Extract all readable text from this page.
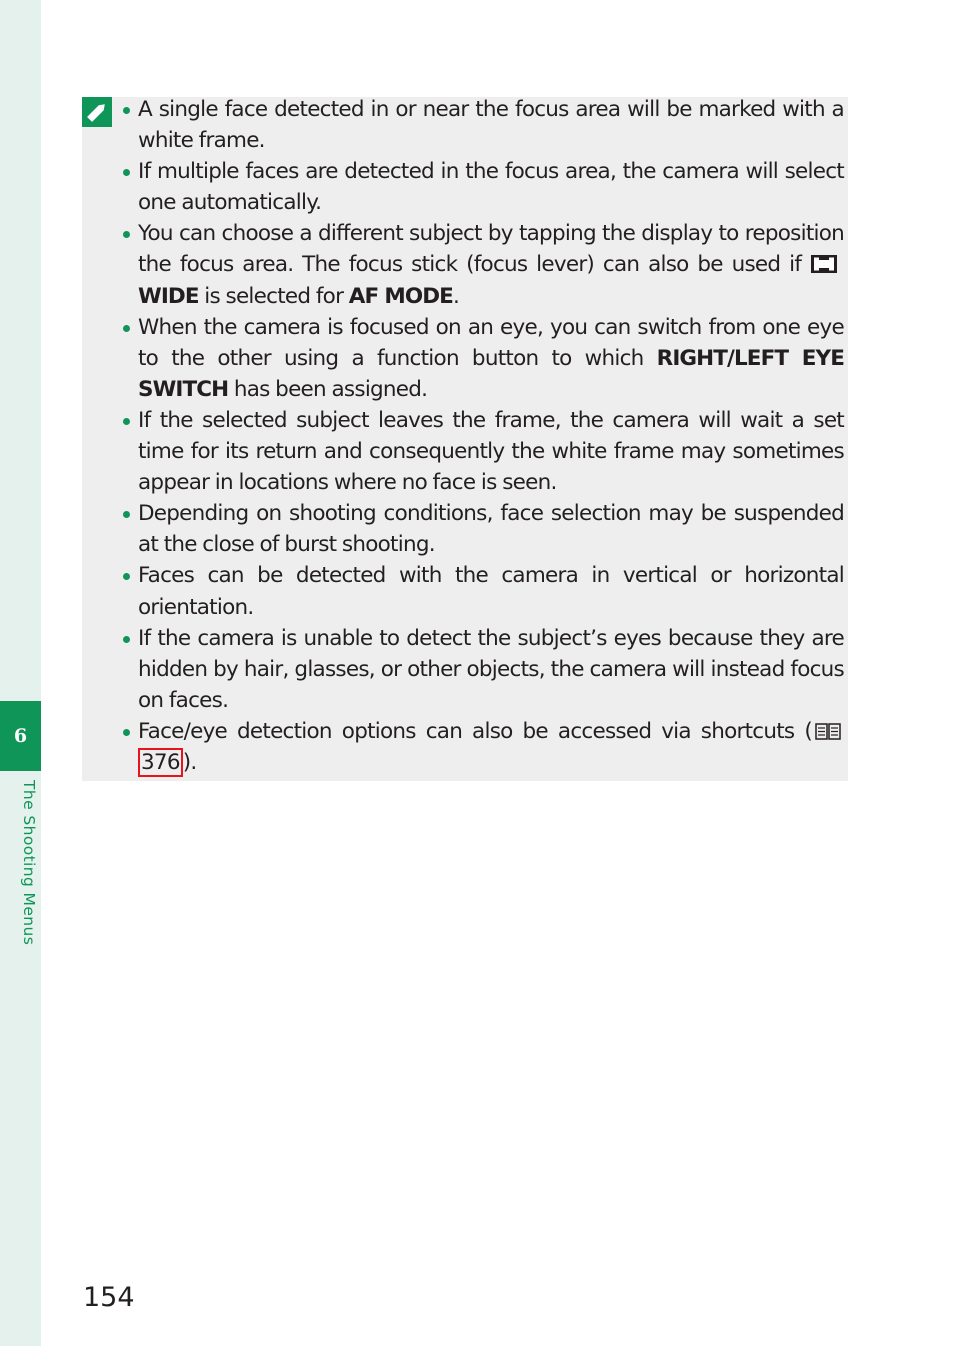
6
The Shooting Menus
A single face detected in or near the focus area will be marked with a white frame.
If multiple faces are detected in the focus area, the camera will select one automatically.
You can choose a different subject by tapping the display to reposition the focus area. The focus stick (focus lever) can also be used if WIDE is selected for AF MODE.
When the camera is focused on an eye, you can switch from one eye to the other using a function button to which RIGHT/LEFT EYE SWITCH has been assigned.
If the selected subject leaves the frame, the camera will wait a set time for its return and consequently the white frame may sometimes appear in locations where no face is seen.
Depending on shooting conditions, face selection may be suspended at the close of burst shooting.
Faces can be detected with the camera in vertical or horizontal orientation.
If the camera is unable to detect the subject’s eyes because they are hidden by hair, glasses, or other objects, the camera will instead focus on faces.
Face/eye detection options can also be accessed via shortcuts (376 ).
154
